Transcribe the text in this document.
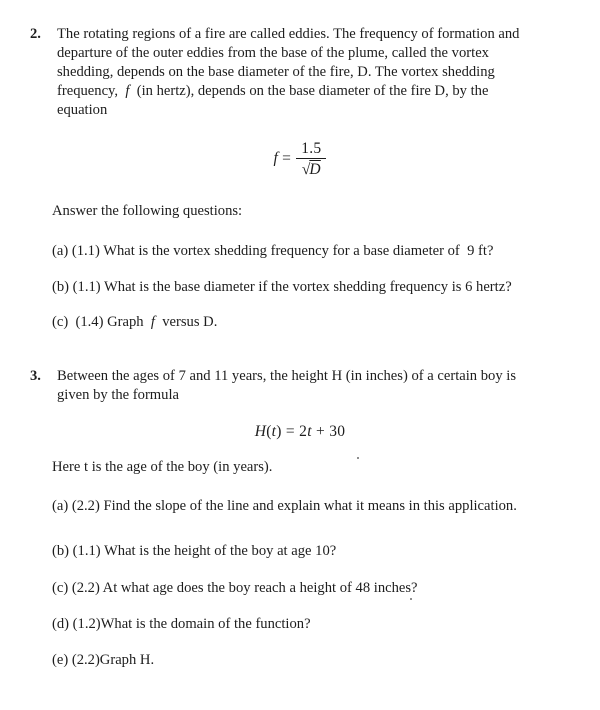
2.	The rotating regions of a fire are called eddies. The frequency of formation and
departure of the outer eddies from the base of the plume, called the vortex
shedding, depends on the base diameter of the fire, D. The vortex shedding
frequency,  f  (in hertz), depends on the base diameter of the fire D, by the
equation
$f = \frac{1.5}{√D}$
Answer the following questions:
(a) (1.1) What is the vortex shedding frequency for a base diameter of  9 ft?
(b) (1.1) What is the base diameter if the vortex shedding frequency is 6 hertz?
(c)  (1.4) Graph  f  versus D.
3.	Between the ages of 7 and 11 years, the height H (in inches) of a certain boy is
given by the formula
H(t) = 2t + 30
Here t is the age of the boy (in years).
(a) (2.2) Find the slope of the line and explain what it means in this application.
(b) (1.1) What is the height of the boy at age 10?
(c) (2.2) At what age does the boy reach a height of 48 inches?
(d) (1.2)What is the domain of the function?
(e) (2.2)Graph H.
